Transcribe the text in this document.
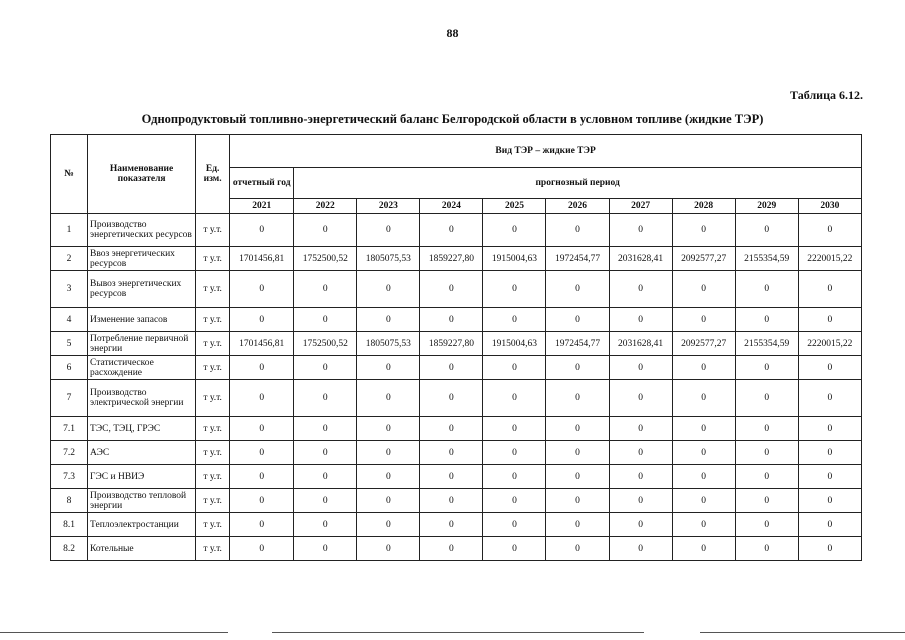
88
Таблица 6.12.
Однопродуктовый топливно-энергетический баланс Белгородской области в условном топливе (жидкие ТЭР)
№	Наименование показателя	Ед. изм.	Вид ТЭР – жидкие ТЭР									
			отчетный год	прогнозный период								
			2021	2022	2023	2024	2025	2026	2027	2028	2029	2030
1	Производство энергетических ресурсов	т у.т.	0	0	0	0	0	0	0	0	0	0
2	Ввоз энергетических ресурсов	т у.т.	1701456,81	1752500,52	1805075,53	1859227,80	1915004,63	1972454,77	2031628,41	2092577,27	2155354,59	2220015,22
3	Вывоз энергетических ресурсов	т у.т.	0	0	0	0	0	0	0	0	0	0
4	Изменение запасов	т у.т.	0	0	0	0	0	0	0	0	0	0
5	Потребление первичной энергии	т у.т.	1701456,81	1752500,52	1805075,53	1859227,80	1915004,63	1972454,77	2031628,41	2092577,27	2155354,59	2220015,22
6	Статистическое расхождение	т у.т.	0	0	0	0	0	0	0	0	0	0
7	Производство электрической энергии	т у.т.	0	0	0	0	0	0	0	0	0	0
7.1	ТЭС, ТЭЦ, ГРЭС	т у.т.	0	0	0	0	0	0	0	0	0	0
7.2	АЭС	т у.т.	0	0	0	0	0	0	0	0	0	0
7.3	ГЭС и НВИЭ	т у.т.	0	0	0	0	0	0	0	0	0	0
8	Производство тепловой энергии	т у.т.	0	0	0	0	0	0	0	0	0	0
8.1	Теплоэлектростанции	т у.т.	0	0	0	0	0	0	0	0	0	0
8.2	Котельные	т у.т.	0	0	0	0	0	0	0	0	0	0
